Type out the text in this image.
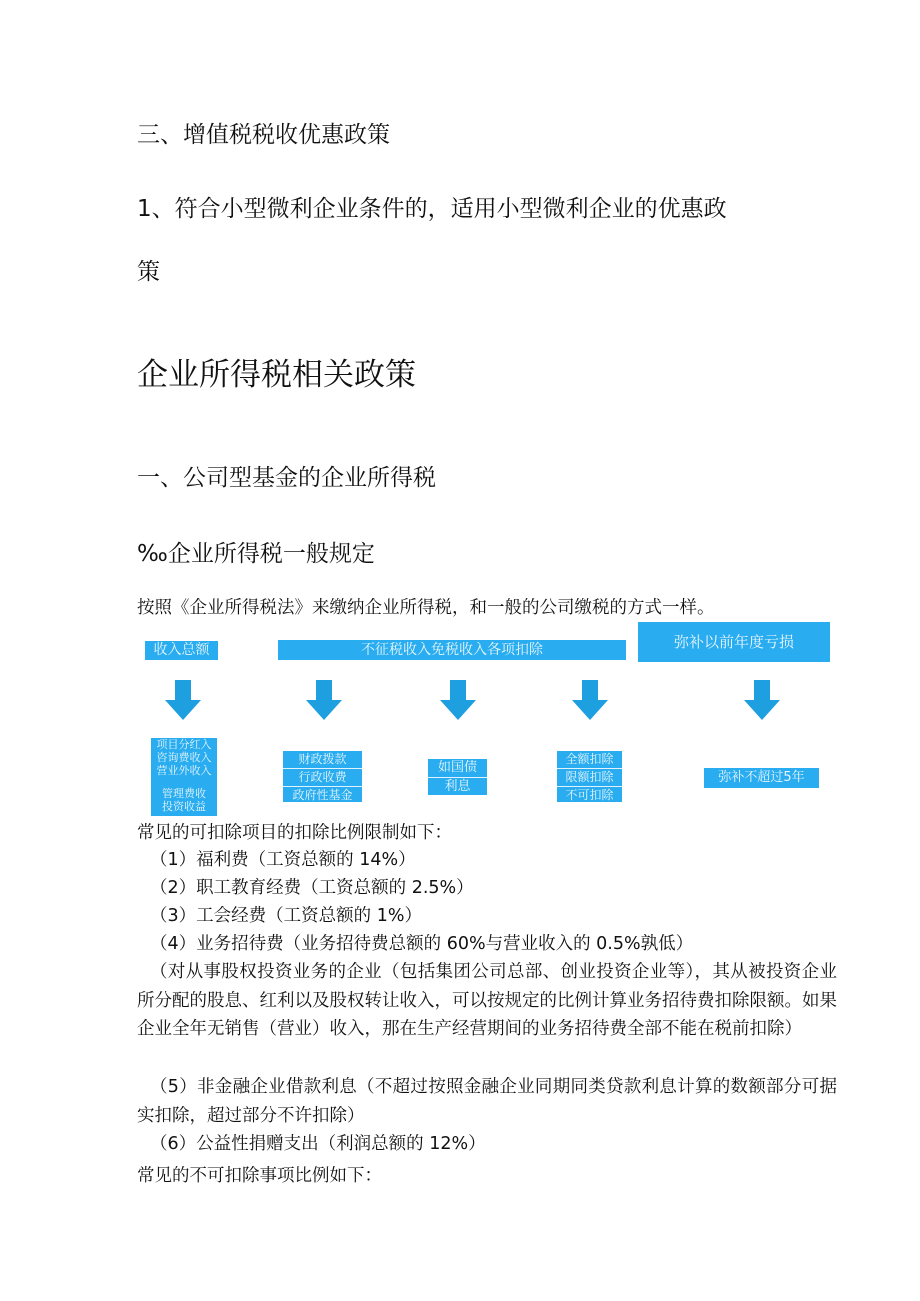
三、增值税税收优惠政策
1、符合小型微利企业条件的，适用小型微利企业的优惠政
策
企业所得税相关政策
一、公司型基金的企业所得税
‰企业所得税一般规定
按照《企业所得税法》来缴纳企业所得税，和一般的公司缴税的方式一样。
收入总额	不征税收入免税收入各项扣除	弥补以前年度亏损
项目分红入
咨询费收入
营业外收入
管理费收
投资收益
财政拨款
行政收费
政府性基金
如国债
利息
全额扣除
限额扣除
不可扣除
弥补不超过5年
常见的可扣除项目的扣除比例限制如下：
（1）福利费（工资总额的 14%）
（2）职工教育经费（工资总额的 2.5%）
（3）工会经费（工资总额的 1%）
（4）业务招待费（业务招待费总额的 60%与营业收入的 0.5%孰低）
（对从事股权投资业务的企业（包括集团公司总部、创业投资企业等），其从被投资企业所分配的股息、红利以及股权转让收入，可以按规定的比例计算业务招待费扣除限额。如果企业全年无销售（营业）收入，那在生产经营期间的业务招待费全部不能在税前扣除）
（5）非金融企业借款利息（不超过按照金融企业同期同类贷款利息计算的数额部分可据实扣除，超过部分不许扣除）
（6）公益性捐赠支出（利润总额的 12%）
常见的不可扣除事项比例如下：
